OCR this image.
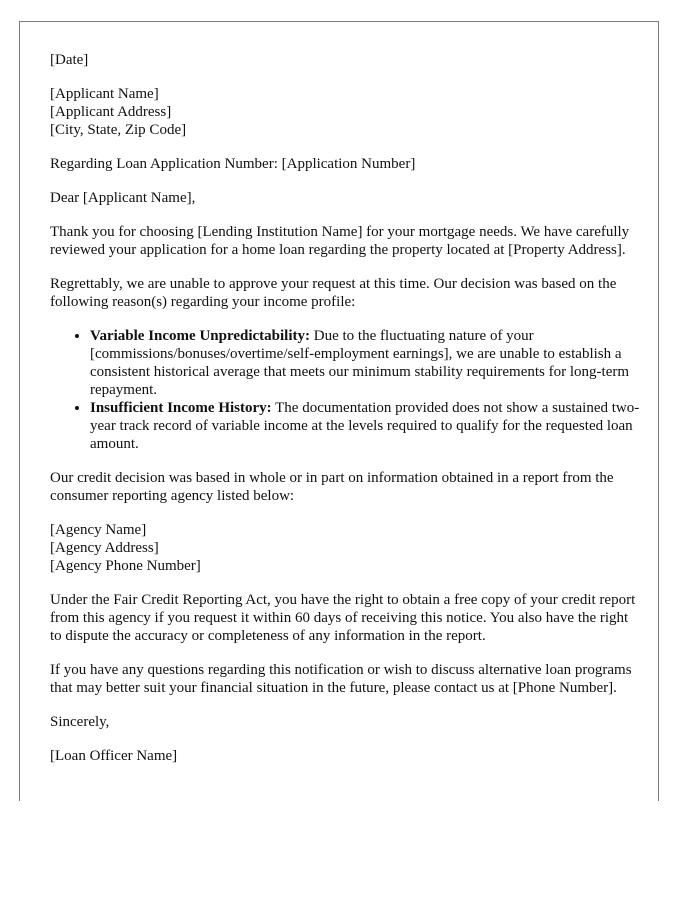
[Date]

[Applicant Name]
[Applicant Address]
[City, State, Zip Code]

Regarding Loan Application Number: [Application Number]

Dear [Applicant Name],

Thank you for choosing [Lending Institution Name] for your mortgage needs. We have carefully reviewed your application for a home loan regarding the property located at [Property Address].

Regrettably, we are unable to approve your request at this time. Our decision was based on the following reason(s) regarding your income profile:

• Variable Income Unpredictability: Due to the fluctuating nature of your [commissions/bonuses/overtime/self-employment earnings], we are unable to establish a consistent historical average that meets our minimum stability requirements for long-term repayment.
• Insufficient Income History: The documentation provided does not show a sustained two-year track record of variable income at the levels required to qualify for the requested loan amount.

Our credit decision was based in whole or in part on information obtained in a report from the consumer reporting agency listed below:

[Agency Name]
[Agency Address]
[Agency Phone Number]

Under the Fair Credit Reporting Act, you have the right to obtain a free copy of your credit report from this agency if you request it within 60 days of receiving this notice. You also have the right to dispute the accuracy or completeness of any information in the report.

If you have any questions regarding this notification or wish to discuss alternative loan programs that may better suit your financial situation in the future, please contact us at [Phone Number].

Sincerely,

[Loan Officer Name]
